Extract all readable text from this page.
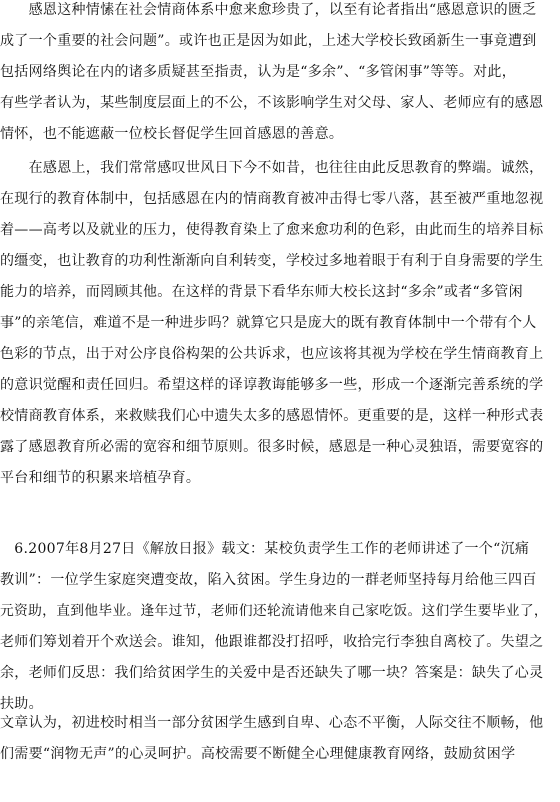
　　感恩这种情愫在社会情商体系中愈来愈珍贵了，以至有论者指出“感恩意识的匮乏
成了一个重要的社会问题”。或许也正是因为如此，上述大学校长致函新生一事竟遭到
包括网络舆论在内的诸多质疑甚至指责，认为是“多余”、“多管闲事”等等。对此，
有些学者认为，某些制度层面上的不公，不该影响学生对父母、家人、老师应有的感恩
情怀，也不能遮蔽一位校长督促学生回首感恩的善意。
　　在感恩上，我们常常感叹世风日下今不如昔，也往往由此反思教育的弊端。诚然，
在现行的教育体制中，包括感恩在内的情商教育被冲击得七零八落，甚至被严重地忽视
着——高考以及就业的压力，使得教育染上了愈来愈功利的色彩，由此而生的培养目标
的缰变，也让教育的功利性渐渐向自利转变，学校过多地着眼于有利于自身需要的学生
能力的培养，而罔顾其他。在这样的背景下看华东师大校长这封“多余”或者“多管闲
事”的亲笔信，难道不是一种进步吗？就算它只是庞大的既有教育体制中一个带有个人
色彩的节点，出于对公序良俗构架的公共诉求，也应该将其视为学校在学生情商教育上
的意识觉醒和责任回归。希望这样的译谆教诲能够多一些，形成一个逐渐完善系统的学
校情商教育体系，来救赎我们心中遗失太多的感恩情怀。更重要的是，这样一种形式表
露了感恩教育所必需的宽容和细节原则。很多时候，感恩是一种心灵独语，需要宽容的
平台和细节的积累来培植孕育。
　6.2007年8月27日《解放日报》载文：某校负责学生工作的老师讲述了一个“沉痛
教训”：一位学生家庭突遭变故，陷入贫困。学生身边的一群老师坚持每月给他三四百
元资助，直到他毕业。逢年过节，老师们还轮流请他来自己家吃饭。这们学生要毕业了，
老师们筹划着开个欢送会。谁知，他跟谁都没打招呼，收拾完行李独自离校了。失望之
余，老师们反思：我们给贫困学生的关爱中是否还缺失了哪一块？答案是：缺失了心灵
扶助。
文章认为，初进校时相当一部分贫困学生感到自卑、心态不平衡，人际交往不顺畅，他
们需要“润物无声”的心灵呵护。高校需要不断健全心理健康教育网络，鼓励贫困学
